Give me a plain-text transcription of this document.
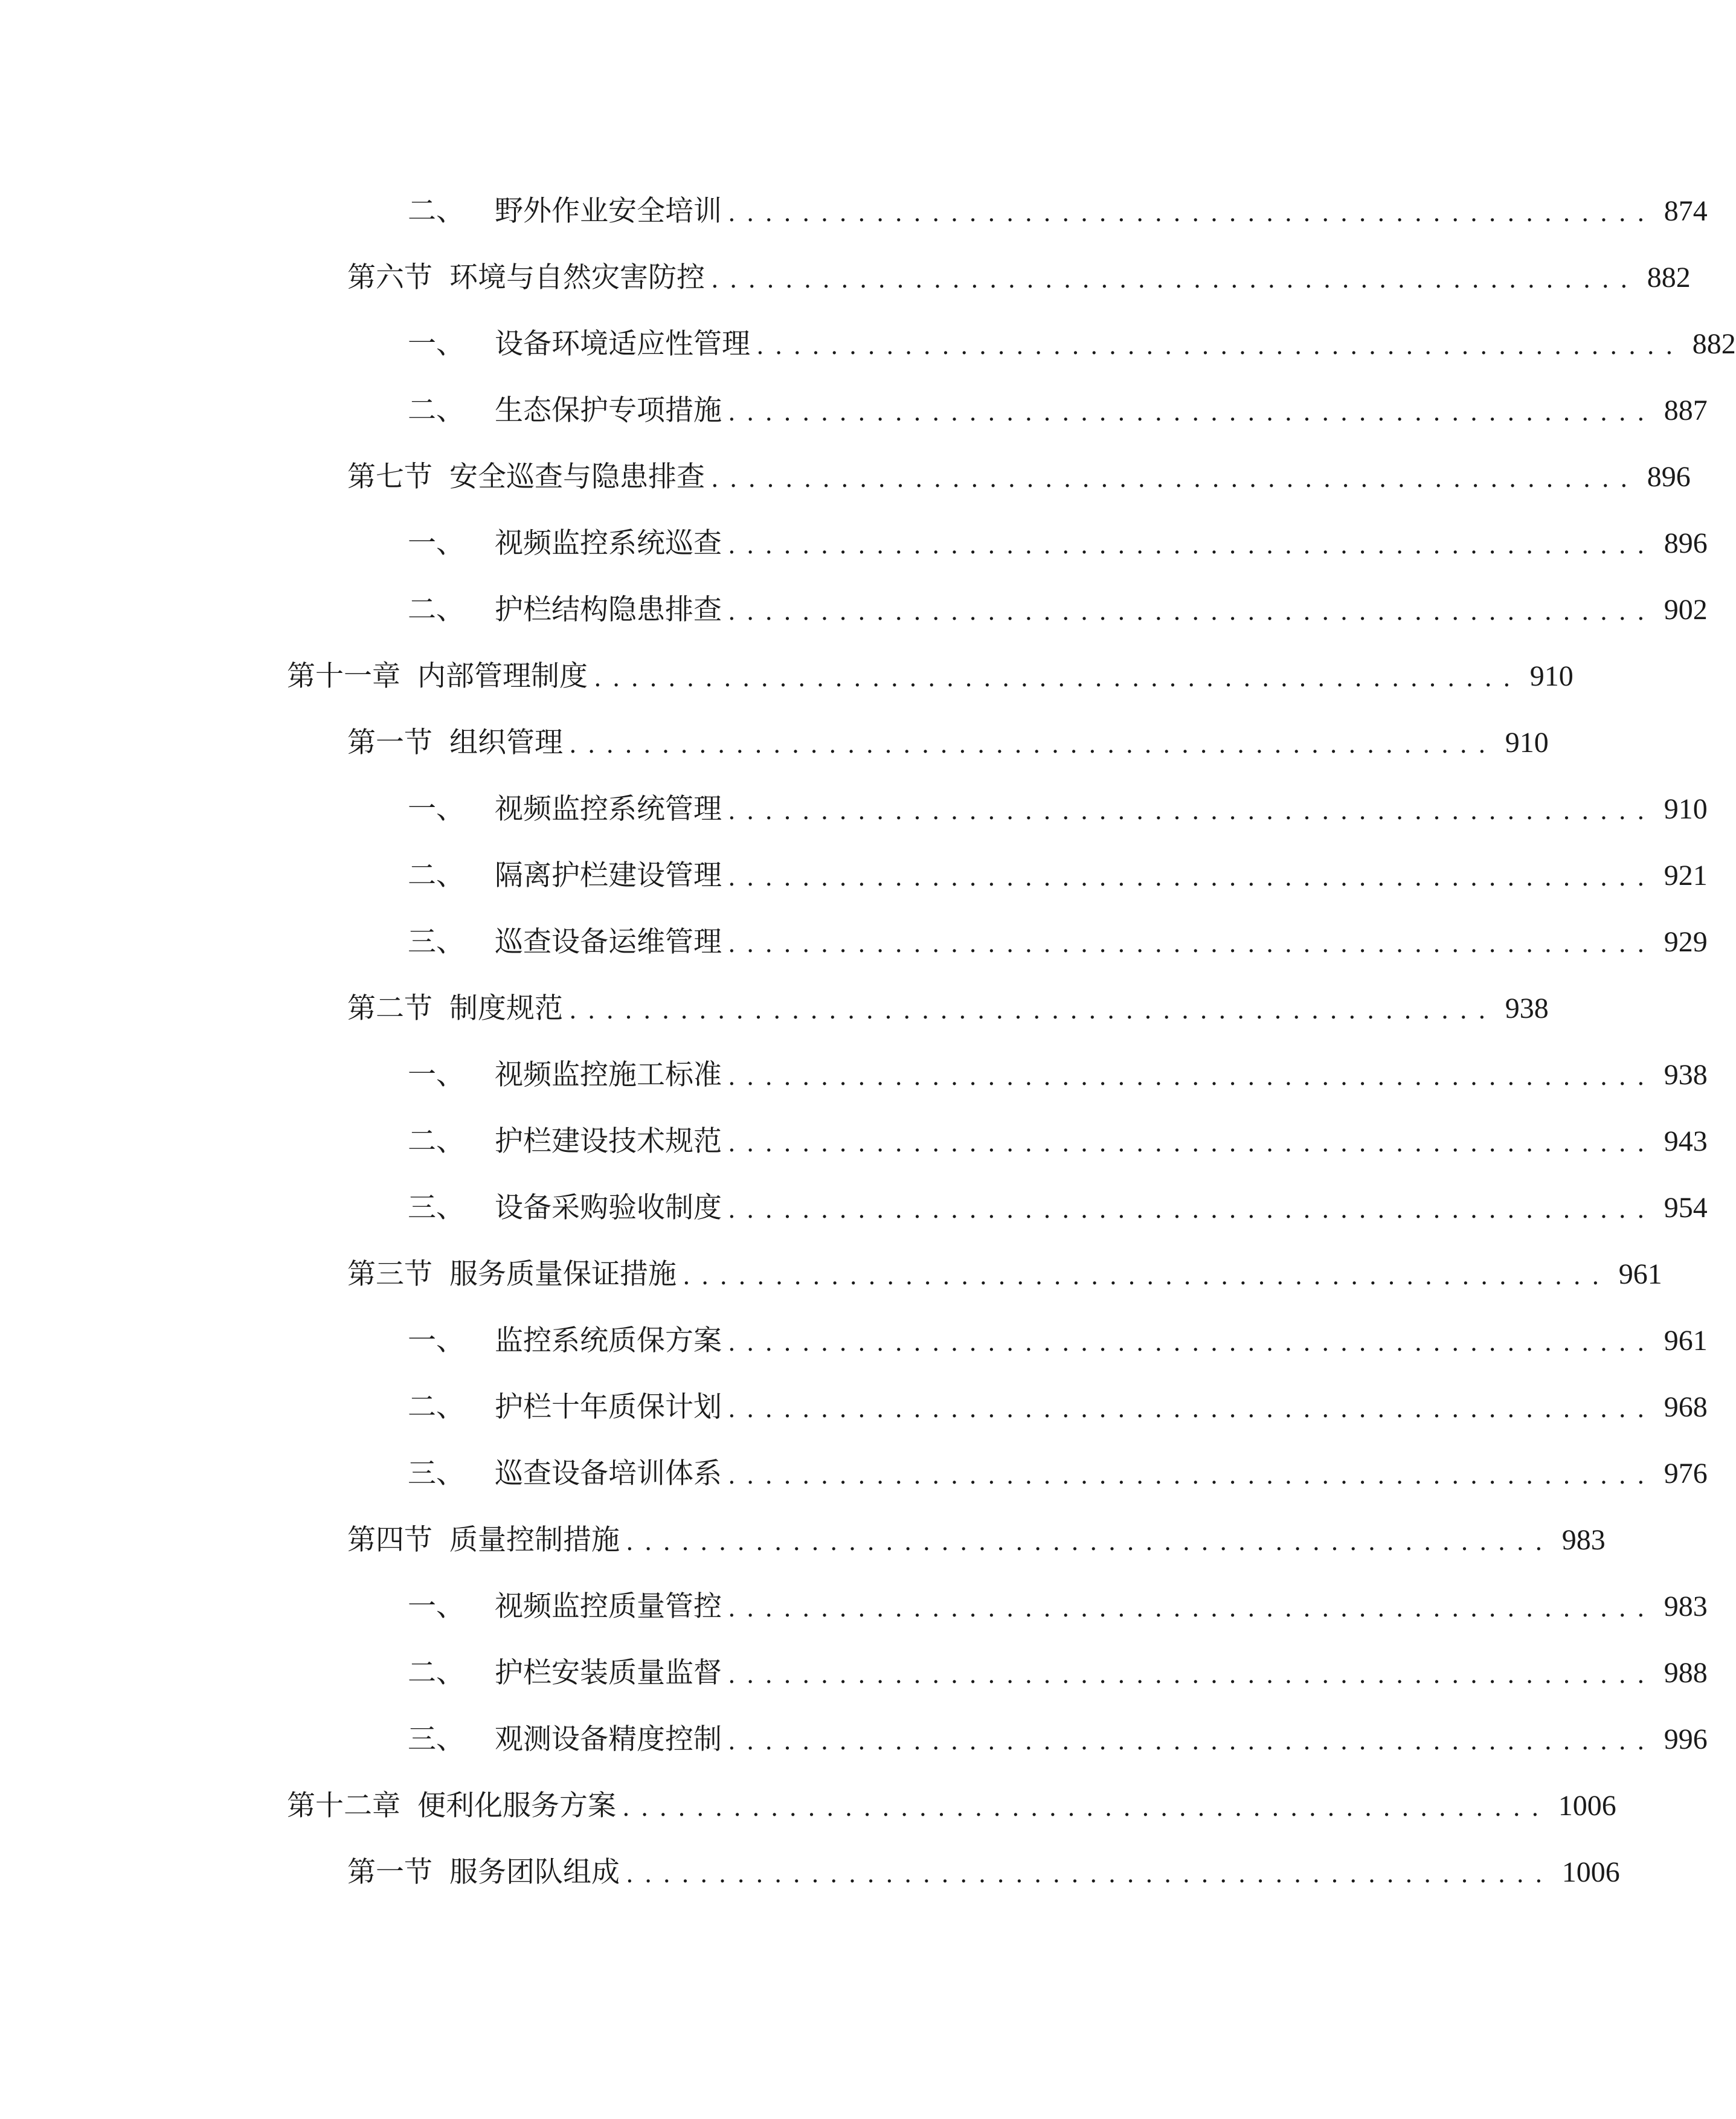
二、 野外作业安全培训 .................................................. 874
第六节 环境与自然灾害防控 .................................................. 882
一、 设备环境适应性管理 .................................................. 882
二、 生态保护专项措施 .................................................. 887
第七节 安全巡查与隐患排查 .................................................. 896
一、 视频监控系统巡查 .................................................. 896
二、 护栏结构隐患排查 .................................................. 902
第十一章 内部管理制度 .................................................. 910
第一节 组织管理 .................................................. 910
一、 视频监控系统管理 .................................................. 910
二、 隔离护栏建设管理 .................................................. 921
三、 巡查设备运维管理 .................................................. 929
第二节 制度规范 .................................................. 938
一、 视频监控施工标准 .................................................. 938
二、 护栏建设技术规范 .................................................. 943
三、 设备采购验收制度 .................................................. 954
第三节 服务质量保证措施 .................................................. 961
一、 监控系统质保方案 .................................................. 961
二、 护栏十年质保计划 .................................................. 968
三、 巡查设备培训体系 .................................................. 976
第四节 质量控制措施 .................................................. 983
一、 视频监控质量管控 .................................................. 983
二、 护栏安装质量监督 .................................................. 988
三、 观测设备精度控制 .................................................. 996
第十二章 便利化服务方案 .................................................. 1006
第一节 服务团队组成 .................................................. 1006
